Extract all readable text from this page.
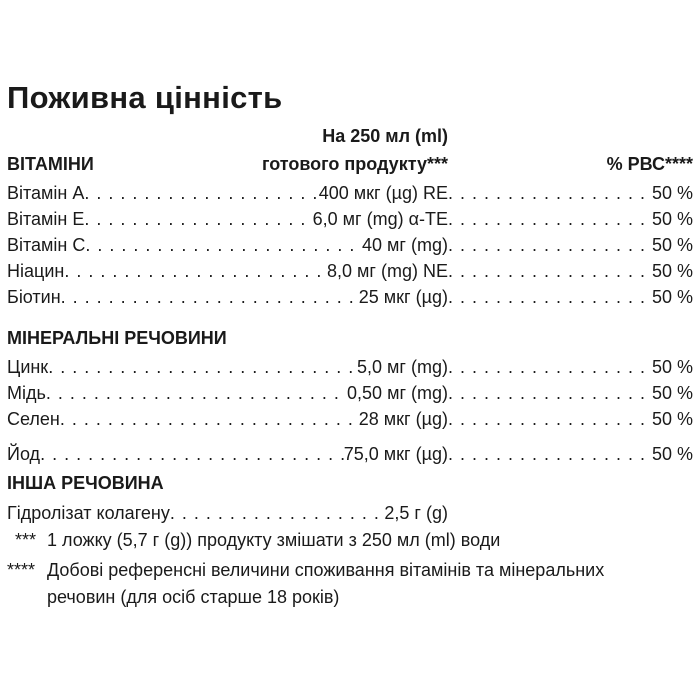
Поживна цінність
На 250 мл (ml)
ВІТАМІНИ	готового продукту***	% РВС****
Вітамін A . . .	400 мкг (µg) RE . . .	50 %
Вітамін E . . .	6,0 мг (mg) α-TE . . .	50 %
Вітамін C . . .	40 мг (mg) . . .	50 %
Ніацин . . .	8,0 мг (mg) NE . . .	50 %
Біотин . . .	25 мкг (µg) . . .	50 %
МІНЕРАЛЬНІ РЕЧОВИНИ
Цинк . . .	5,0 мг (mg) . . .	50 %
Мідь . . .	0,50 мг (mg) . . .	50 %
Селен . . .	28 мкг (µg) . . .	50 %
Йод . . .	75,0 мкг (µg) . . .	50 %
ІНША РЕЧОВИНА
Гідролізат колагену . . .	2,5 г (g)
*** 1 ложку (5,7 г (g)) продукту змішати з 250 мл (ml) води
**** Добові референсні величини споживання вітамінів та мінеральних
речовин (для осіб старше 18 років)
